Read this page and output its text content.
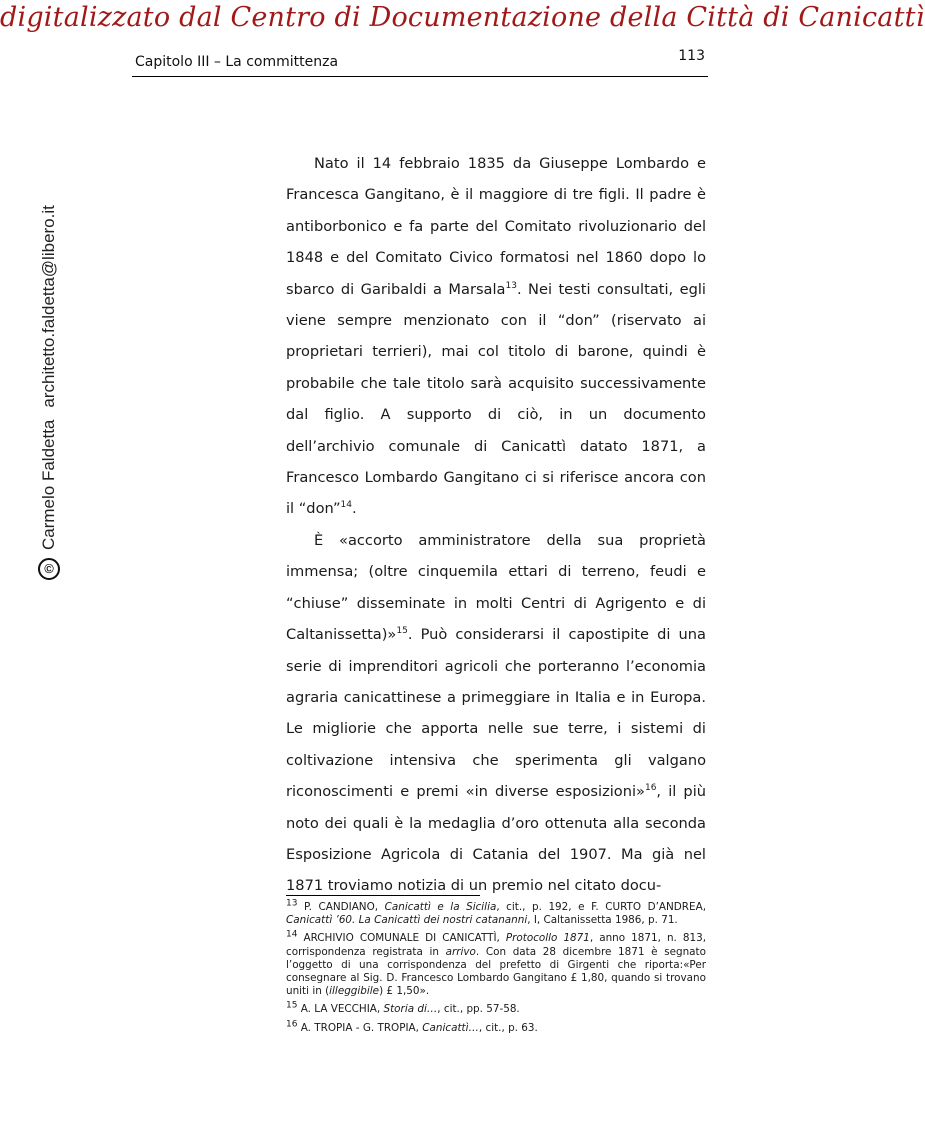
digitalizzato dal Centro di Documentazione della Città di Canicattì
©
Carmelo Faldetta
architetto.faldetta@libero.it
Capitolo III – La committenza	113

Nato il 14 febbraio 1835 da Giuseppe Lombardo e Francesca Gangitano, è il maggiore di tre figli. Il padre è antiborbonico e fa parte del Comitato rivoluzionario del 1848 e del Comitato Civico formatosi nel 1860 dopo lo sbarco di Garibaldi a Marsala$^{13}$. Nei testi consultati, egli viene sempre menzionato con il “don” (riservato ai proprietari terrieri), mai col titolo di barone, quindi è probabile che tale titolo sarà acquisito successivamente dal figlio. A supporto di ciò, in un documento dell’archivio comunale di Canicattì datato 1871, a Francesco Lombardo Gangitano ci si riferisce ancora con il “don”$^{14}$.

È «accorto amministratore della sua proprietà immensa; (oltre cinquemila ettari di terreno, feudi e “chiuse” disseminate in molti Centri di Agrigento e di Caltanissetta)»$^{15}$. Può considerarsi il capostipite di una serie di imprenditori agricoli che porteranno l’economia agraria canicattinese a primeggiare in Italia e in Europa. Le migliorie che apporta nelle sue terre, i sistemi di coltivazione intensiva che sperimenta gli valgano riconoscimenti e premi «in diverse esposizioni»$^{16}$, il più noto dei quali è la medaglia d’oro ottenuta alla seconda Esposizione Agricola di Catania del 1907. Ma già nel 1871 troviamo notizia di un premio nel citato docu-

$^{13}$ P. CANDIANO, Canicattì e la Sicilia, cit., p. 192, e F. CURTO D’ANDREA, Canicattì ’60. La Canicattì dei nostri catananni, I, Caltanissetta 1986, p. 71.

$^{14}$ ARCHIVIO COMUNALE DI CANICATTÌ, Protocollo 1871, anno 1871, n. 813, corrispondenza registrata in arrivo. Con data 28 dicembre 1871 è segnato l’oggetto di una corrispondenza del prefetto di Girgenti che riporta:«Per consegnare al Sig. D. Francesco Lombardo Gangitano £ 1,80, quando si trovano uniti in (illeggibile) £ 1,50».

$^{15}$ A. LA VECCHIA, Storia di…, cit., pp. 57-58.

$^{16}$ A. TROPIA - G. TROPIA, Canicattì…, cit., p. 63.
